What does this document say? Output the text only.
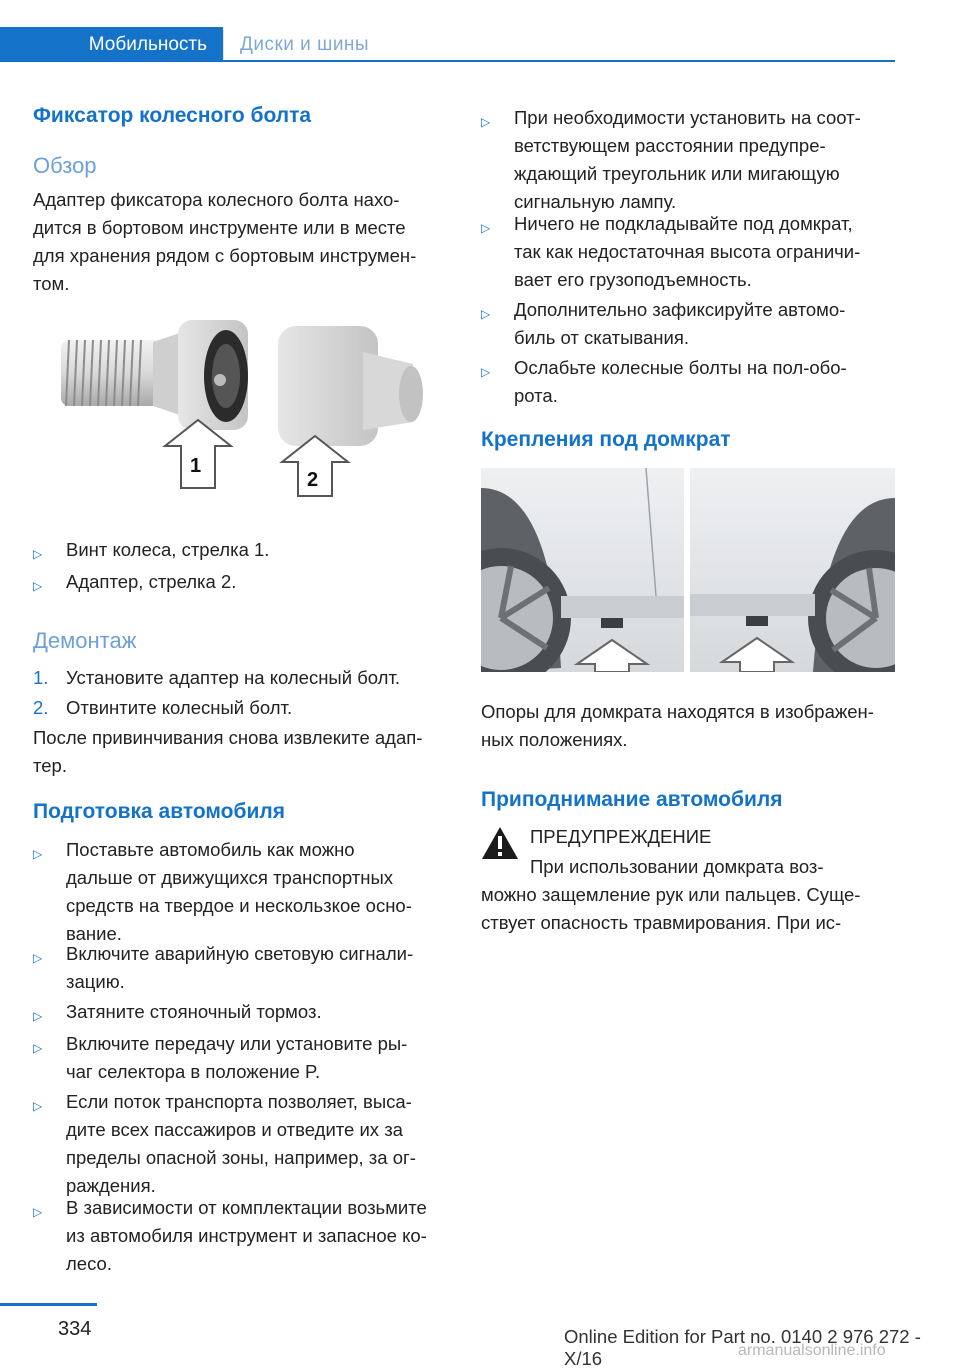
Мобильность	Диски и шины
Фиксатор колесного болта
Обзор
Адаптер фиксатора колесного болта нахо-
дится в бортовом инструменте или в месте
для хранения рядом с бортовым инструмен-
том.
1
2
▷ Винт колеса, стрелка 1.
▷ Адаптер, стрелка 2.
Демонтаж
1. Установите адаптер на колесный болт.
2. Отвинтите колесный болт.
После привинчивания снова извлеките адап-
тер.
Подготовка автомобиля
▷ Поставьте автомобиль как можно
дальше от движущихся транспортных
средств на твердое и нескользкое осно-
вание.
▷ Включите аварийную световую сигнали-
зацию.
▷ Затяните стояночный тормоз.
▷ Включите передачу или установите ры-
чаг селектора в положение P.
▷ Если поток транспорта позволяет, выса-
дите всех пассажиров и отведите их за
пределы опасной зоны, например, за ог-
раждения.
▷ В зависимости от комплектации возьмите
из автомобиля инструмент и запасное ко-
лесо.
▷ При необходимости установить на соот-
ветствующем расстоянии предупре-
ждающий треугольник или мигающую
сигнальную лампу.
▷ Ничего не подкладывайте под домкрат,
так как недостаточная высота ограничи-
вает его грузоподъемность.
▷ Дополнительно зафиксируйте автомо-
биль от скатывания.
▷ Ослабьте колесные болты на пол-обо-
рота.
Крепления под домкрат
Опоры для домкрата находятся в изображен-
ных положениях.
Приподнимание автомобиля
ПРЕДУПРЕЖДЕНИЕ
При использовании домкрата воз-
можно защемление рук или пальцев. Суще-
ствует опасность травмирования. При ис-
334	Online Edition for Part no. 0140 2 976 272 - X/16	armanualsonline.info
